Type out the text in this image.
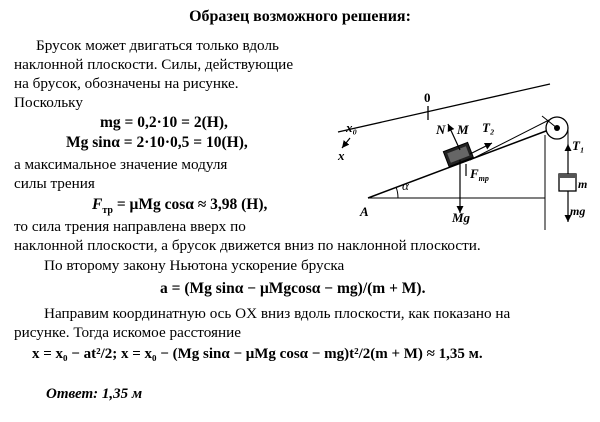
Образец возможного решения:
Брусок может двигаться только вдоль
наклонной плоскости. Силы, действующие
на брусок, обозначены на рисунке.
Поскольку
mg = 0,2·10 = 2(Н),
Mg sinα = 2·10·0,5 = 10(Н),
а максимальное значение модуля
силы трения
$F_{тр} = \mu Mg$ cosα ≈ 3,98 (Н),
то сила трения направлена вверх по
наклонной плоскости, а брусок движется вниз по наклонной плоскости.
По второму закону Ньютона ускорение бруска
a = (Mg sinα − μMgcosα − mg)/(m + M).
Направим координатную ось OX вниз вдоль плоскости, как показано на
рисунке. Тогда искомое расстояние
x = x₀ − at²/2; x = x₀ − (Mg sinα − μMg cosα − mg)t²/2(m + M) ≈ 1,35 м.
Ответ: 1,35 м
0
x₀
x
N M T₂
T₁
m
$F_{тр}$
Mg	mg
α
A
